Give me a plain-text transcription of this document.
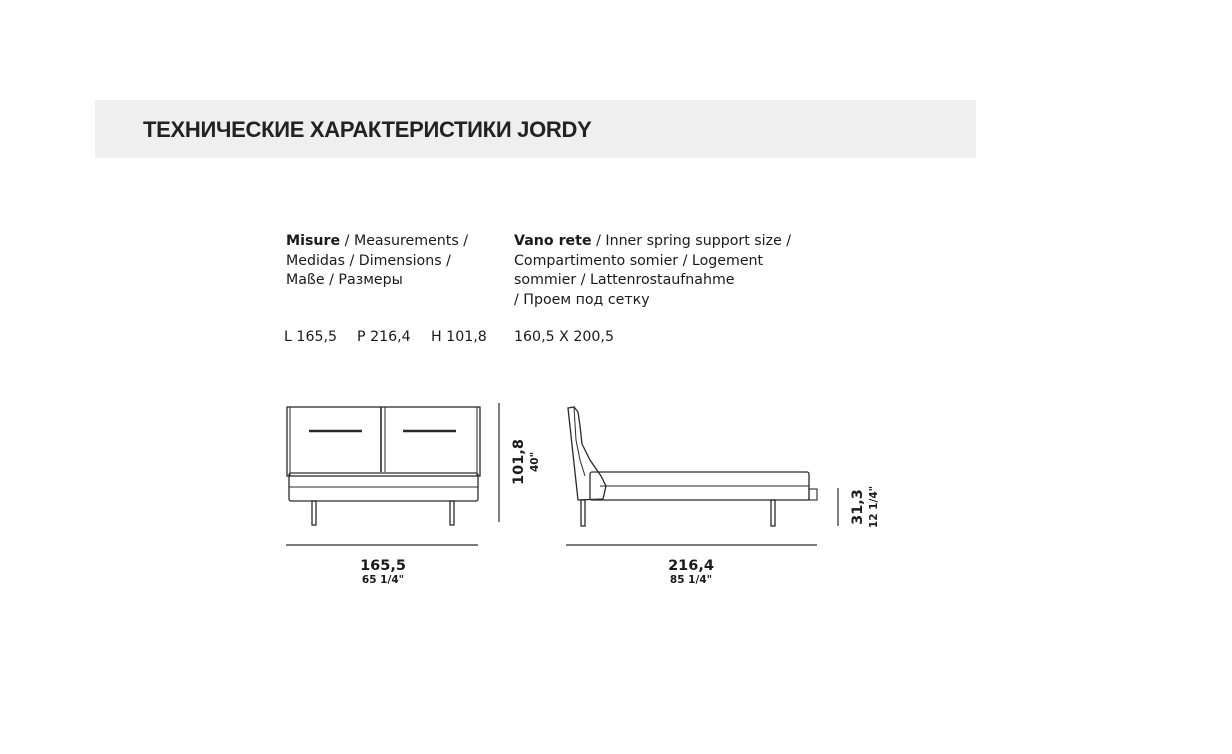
ТЕХНИЧЕСКИЕ ХАРАКТЕРИСТИКИ JORDY
Misure / Measurements /
Medidas / Dimensions /
Maße / Размеры
Vano rete / Inner spring support size /
Compartimento somier / Logement
sommier / Lattenrostaufnahme
/ Проем под сетку
L 165,5 P 216,4 H 101,8 160,5 X 200,5
165,5
65 1/4"
216,4
85 1/4"
101,8 40"
31,3 12 1/4"
